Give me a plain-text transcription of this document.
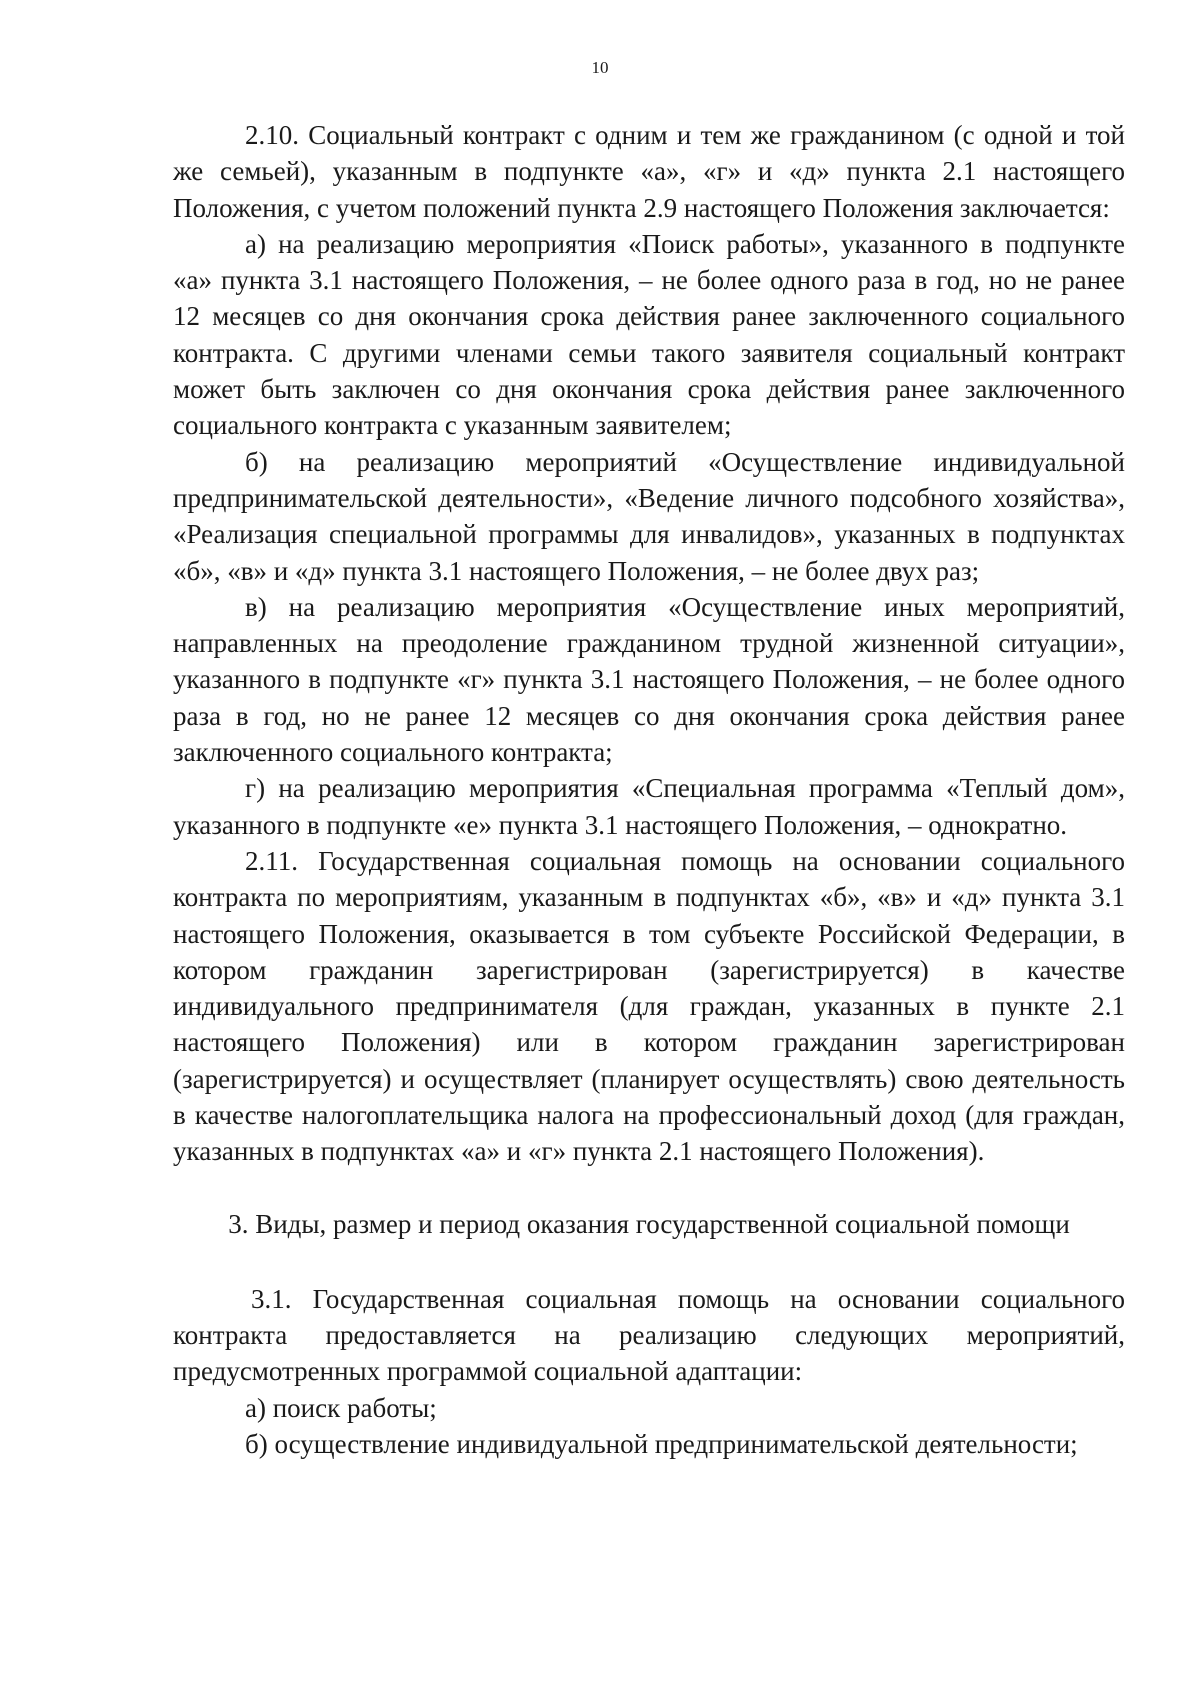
10

2.10. Социальный контракт с одним и тем же гражданином (с одной и той же семьей), указанным в подпункте «а», «г» и «д» пункта 2.1 настоящего Положения, с учетом положений пункта 2.9 настоящего Положения заключается:

а) на реализацию мероприятия «Поиск работы», указанного в подпункте «а» пункта 3.1 настоящего Положения, – не более одного раза в год, но не ранее 12 месяцев со дня окончания срока действия ранее заключенного социального контракта. С другими членами семьи такого заявителя социальный контракт может быть заключен со дня окончания срока действия ранее заключенного социального контракта с указанным заявителем;

б) на реализацию мероприятий «Осуществление индивидуальной предпринимательской деятельности», «Ведение личного подсобного хозяйства», «Реализация специальной программы для инвалидов», указанных в подпунктах «б», «в» и «д» пункта 3.1 настоящего Положения, – не более двух раз;

в) на реализацию мероприятия «Осуществление иных мероприятий, направленных на преодоление гражданином трудной жизненной ситуации», указанного в подпункте «г» пункта 3.1 настоящего Положения, – не более одного раза в год, но не ранее 12 месяцев со дня окончания срока действия ранее заключенного социального контракта;

г) на реализацию мероприятия «Специальная программа «Теплый дом», указанного в подпункте «е» пункта 3.1 настоящего Положения, – однократно.

2.11. Государственная социальная помощь на основании социального контракта по мероприятиям, указанным в подпунктах «б», «в» и «д» пункта 3.1 настоящего Положения, оказывается в том субъекте Российской Федерации, в котором гражданин зарегистрирован (зарегистрируется) в качестве индивидуального предпринимателя (для граждан, указанных в пункте 2.1 настоящего Положения) или в котором гражданин зарегистрирован (зарегистрируется) и осуществляет (планирует осуществлять) свою деятельность в качестве налогоплательщика налога на профессиональный доход (для граждан, указанных в подпунктах «а» и «г» пункта 2.1 настоящего Положения).

3. Виды, размер и период оказания государственной социальной помощи

3.1. Государственная социальная помощь на основании социального контракта предоставляется на реализацию следующих мероприятий, предусмотренных программой социальной адаптации:

а) поиск работы;

б) осуществление индивидуальной предпринимательской деятельности;
